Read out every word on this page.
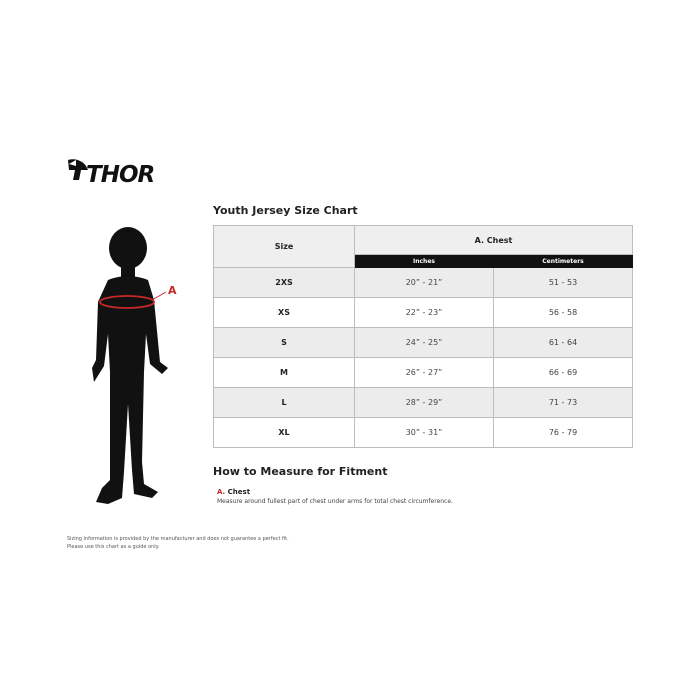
THOR
A
Youth Jersey Size Chart
Size	A. Chest	
	Inches	Centimeters
2XS	20” - 21”	51 - 53
XS	22” - 23”	56 - 58
S	24” - 25”	61 - 64
M	26” - 27”	66 - 69
L	28” - 29”	71 - 73
XL	30” - 31”	76 - 79
How to Measure for Fitment
A. Chest
Measure around fullest part of chest under arms for total chest circumference.
Sizing information is provided by the manufacturer and does not guarantee a perfect fit.
Please use this chart as a guide only.
